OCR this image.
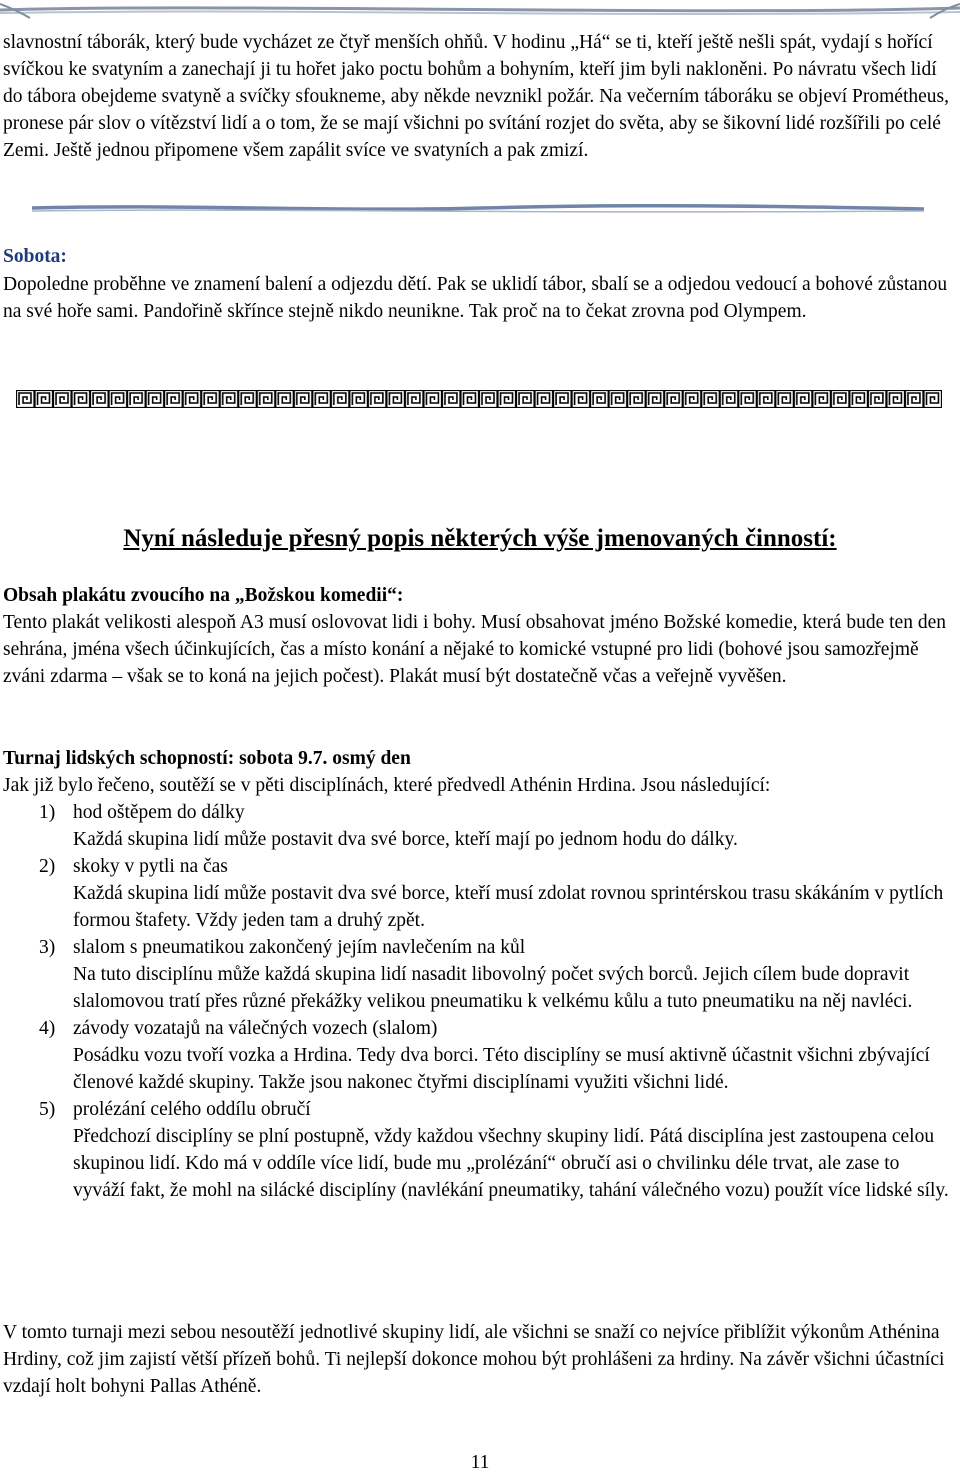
slavnostní táborák, který bude vycházet ze čtyř menších ohňů. V hodinu „Há“ se ti, kteří ještě nešli spát, vydají s hořící svíčkou ke svatyním a zanechají ji tu hořet jako poctu bohům a bohyním, kteří jim byli nakloněni. Po návratu všech lidí do tábora obejdeme svatyně a svíčky sfoukneme, aby někde nevznikl požár. Na večerním táboráku se objeví Prométheus, pronese pár slov o vítězství lidí a o tom, že se mají všichni po svítání rozjet do světa, aby se šikovní lidé rozšířili po celé Zemi. Ještě jednou připomene všem zapálit svíce ve svatyních a pak zmizí.

Sobota:

Dopoledne proběhne ve znamení balení a odjezdu dětí. Pak se uklidí tábor, sbalí se a odjedou vedoucí a bohové zůstanou na své hoře sami. Pandořině skřínce stejně nikdo neunikne. Tak proč na to čekat zrovna pod Olympem.

Nyní následuje přesný popis některých výše jmenovaných činností:
Obsah plakátu zvoucího na „Božskou komedii“:

Tento plakát velikosti alespoň A3 musí oslovovat lidi i bohy. Musí obsahovat jméno Božské komedie, která bude ten den sehrána, jména všech účinkujících, čas a místo konání a nějaké to komické vstupné pro lidi (bohové jsou samozřejmě zváni zdarma – však se to koná na jejich počest). Plakát musí být dostatečně včas a veřejně vyvěšen.

Turnaj lidských schopností: sobota 9.7. osmý den

Jak již bylo řečeno, soutěží se v pěti disciplínách, které předvedl Athénin Hrdina. Jsou následující:

1) hod oštěpem do dálky
Každá skupina lidí může postavit dva své borce, kteří mají po jednom hodu do dálky.
2) skoky v pytli na čas
Každá skupina lidí může postavit dva své borce, kteří musí zdolat rovnou sprintérskou trasu skákáním v pytlích formou štafety. Vždy jeden tam a druhý zpět.
3) slalom s pneumatikou zakončený jejím navlečením na kůl
Na tuto disciplínu může každá skupina lidí nasadit libovolný počet svých borců. Jejich cílem bude dopravit slalomovou tratí přes různé překážky velikou pneumatiku k velkému kůlu a tuto pneumatiku na něj navléci.
4) závody vozatajů na válečných vozech (slalom)
Posádku vozu tvoří vozka a Hrdina. Tedy dva borci. Této disciplíny se musí aktivně účastnit všichni zbývající členové každé skupiny. Takže jsou nakonec čtyřmi disciplínami využiti všichni lidé.
5) prolézání celého oddílu obručí
Předchozí disciplíny se plní postupně, vždy každou všechny skupiny lidí. Pátá disciplína jest zastoupena celou skupinou lidí. Kdo má v oddíle více lidí, bude mu „prolézání“ obručí asi o chvilinku déle trvat, ale zase to vyváží fakt, že mohl na silácké disciplíny (navlékání pneumatiky, tahání válečného vozu) použít více lidské síly.

V tomto turnaji mezi sebou nesoutěží jednotlivé skupiny lidí, ale všichni se snaží co nejvíce přiblížit výkonům Athénina Hrdiny, což jim zajistí větší přízeň bohů. Ti nejlepší dokonce mohou být prohlášeni za hrdiny. Na závěr všichni účastníci vzdají holt bohyni Pallas Athéně.

11
